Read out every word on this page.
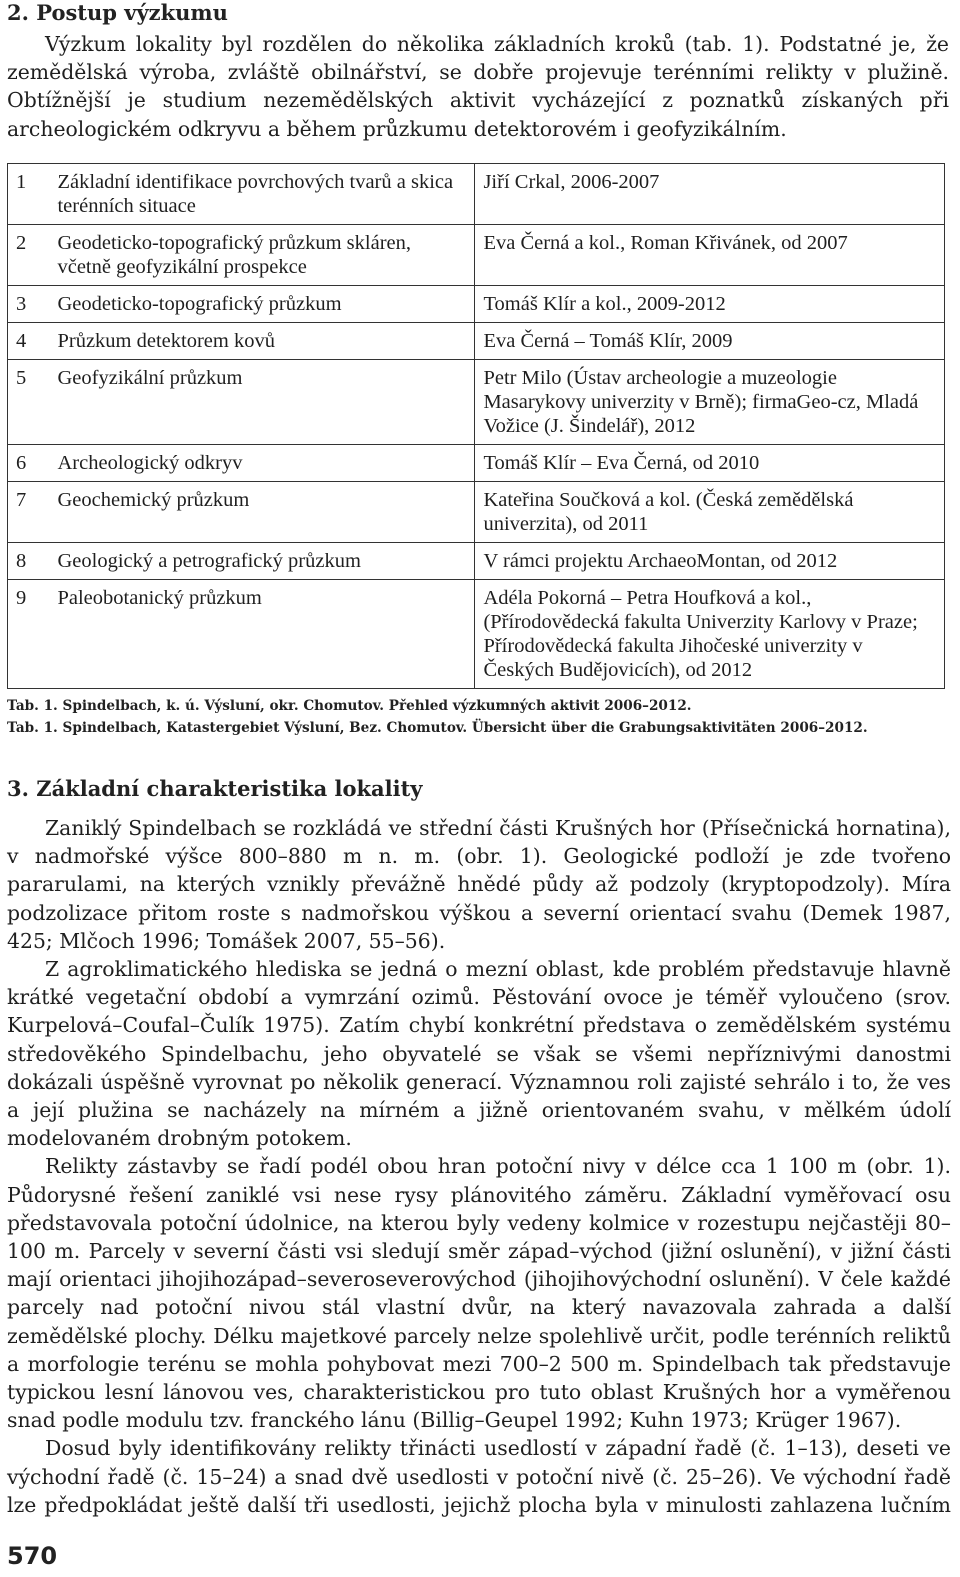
2. Postup výzkumu

Výzkum lokality byl rozdělen do několika základních kroků (tab. 1). Podstatné je, že zemědělská výroba, zvláště obilnářství, se dobře projevuje terénními relikty v plužině. Obtížnější je studium nezemědělských aktivit vycházející z poznatků získaných při archeologickém odkryvu a během průzkumu detektorovém i geofyzikálním.

1	Základní identifikace povrchových tvarů a skica terénních situace	Jiří Crkal, 2006-2007
2	Geodeticko-topografický průzkum skláren, včetně geofyzikální prospekce	Eva Černá a kol., Roman Křivánek, od 2007
3	Geodeticko-topografický průzkum	Tomáš Klír a kol., 2009-2012
4	Průzkum detektorem kovů	Eva Černá – Tomáš Klír, 2009
5	Geofyzikální průzkum	Petr Milo (Ústav archeologie a muzeologie Masarykovy univerzity v Brně); firmaGeo-cz, Mladá Vožice (J. Šindelář), 2012
6	Archeologický odkryv	Tomáš Klír – Eva Černá, od 2010
7	Geochemický průzkum	Kateřina Součková a kol. (Česká zemědělská univerzita), od 2011
8	Geologický a petrografický průzkum	V rámci projektu ArchaeoMontan, od 2012
9	Paleobotanický průzkum	Adéla Pokorná – Petra Houfková a kol., (Přírodovědecká fakulta Univerzity Karlovy v Praze; Přírodovědecká fakulta Jihočeské univerzity v Českých Budějovicích), od 2012

Tab. 1. Spindelbach, k. ú. Výsluní, okr. Chomutov. Přehled výzkumných aktivit 2006–2012.

Tab. 1. Spindelbach, Katastergebiet Výsluní, Bez. Chomutov. Übersicht über die Grabungsaktivitäten 2006–2012.

3. Základní charakteristika lokality

Zaniklý Spindelbach se rozkládá ve střední části Krušných hor (Přísečnická hornatina), v nadmořské výšce 800–880 m n. m. (obr. 1). Geologické podloží je zde tvořeno pararulami, na kterých vznikly převážně hnědé půdy až podzoly (kryptopodzoly). Míra podzolizace přitom roste s nadmořskou výškou a severní orientací svahu (Demek 1987, 425; Mlčoch 1996; Tomášek 2007, 55–56).

Z agroklimatického hlediska se jedná o mezní oblast, kde problém představuje hlavně krátké vegetační období a vymrzání ozimů. Pěstování ovoce je téměř vyloučeno (srov. Kurpelová–Coufal–Čulík 1975). Zatím chybí konkrétní představa o zemědělském systému středověkého Spindelbachu, jeho obyvatelé se však se všemi nepříznivými danostmi dokázali úspěšně vyrovnat po několik generací. Významnou roli zajisté sehrálo i to, že ves a její plužina se nacházely na mírném a jižně orientovaném svahu, v mělkém údolí modelovaném drobným potokem.

Relikty zástavby se řadí podél obou hran potoční nivy v délce cca 1 100 m (obr. 1). Půdorysné řešení zaniklé vsi nese rysy plánovitého záměru. Základní vyměřovací osu představovala potoční údolnice, na kterou byly vedeny kolmice v rozestupu nejčastěji 80–100 m. Parcely v severní části vsi sledují směr západ–východ (jižní oslunění), v jižní části mají orientaci jihojihozápad–severoseverovýchod (jihojihovýchodní oslunění). V čele každé parcely nad potoční nivou stál vlastní dvůr, na který navazovala zahrada a další zemědělské plochy. Délku majetkové parcely nelze spolehlivě určit, podle terénních reliktů a morfologie terénu se mohla pohybovat mezi 700–2 500 m. Spindelbach tak představuje typickou lesní lánovou ves, charakteristickou pro tuto oblast Krušných hor a vyměřenou snad podle modulu tzv. franckého lánu (Billig–Geupel 1992; Kuhn 1973; Krüger 1967).

Dosud byly identifikovány relikty třinácti usedlostí v západní řadě (č. 1–13), deseti ve východní řadě (č. 15–24) a snad dvě usedlosti v potoční nivě (č. 25–26). Ve východní řadě lze předpokládat ještě další tři usedlosti, jejichž plocha byla v minulosti zahlazena lučním

570
